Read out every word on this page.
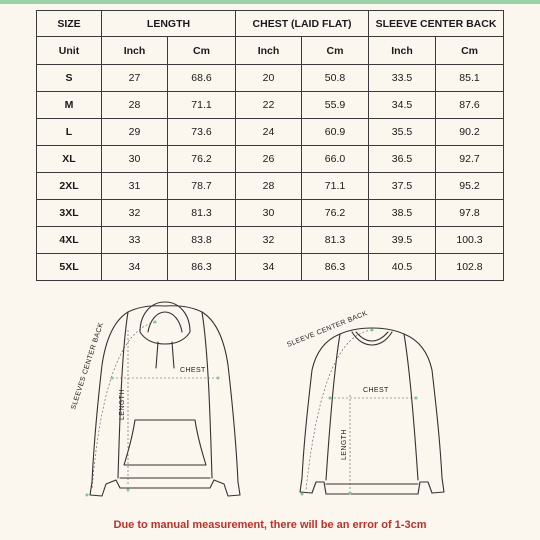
SIZE	LENGTH		CHEST (LAID FLAT)		SLEEVE CENTER BACK	
Unit	Inch	Cm	Inch	Cm	Inch	Cm
S	27	68.6	20	50.8	33.5	85.1
M	28	71.1	22	55.9	34.5	87.6
L	29	73.6	24	60.9	35.5	90.2
XL	30	76.2	26	66.0	36.5	92.7
2XL	31	78.7	28	71.1	37.5	95.2
3XL	32	81.3	30	76.2	38.5	97.8
4XL	33	83.8	32	81.3	39.5	100.3
5XL	34	86.3	34	86.3	40.5	102.8
SLEEVES CENTER BACK	CHEST
LENGTH
SLEEVE CENTER BACK
CHEST
LENGTH
Due to manual measurement, there will be an error of 1-3cm
